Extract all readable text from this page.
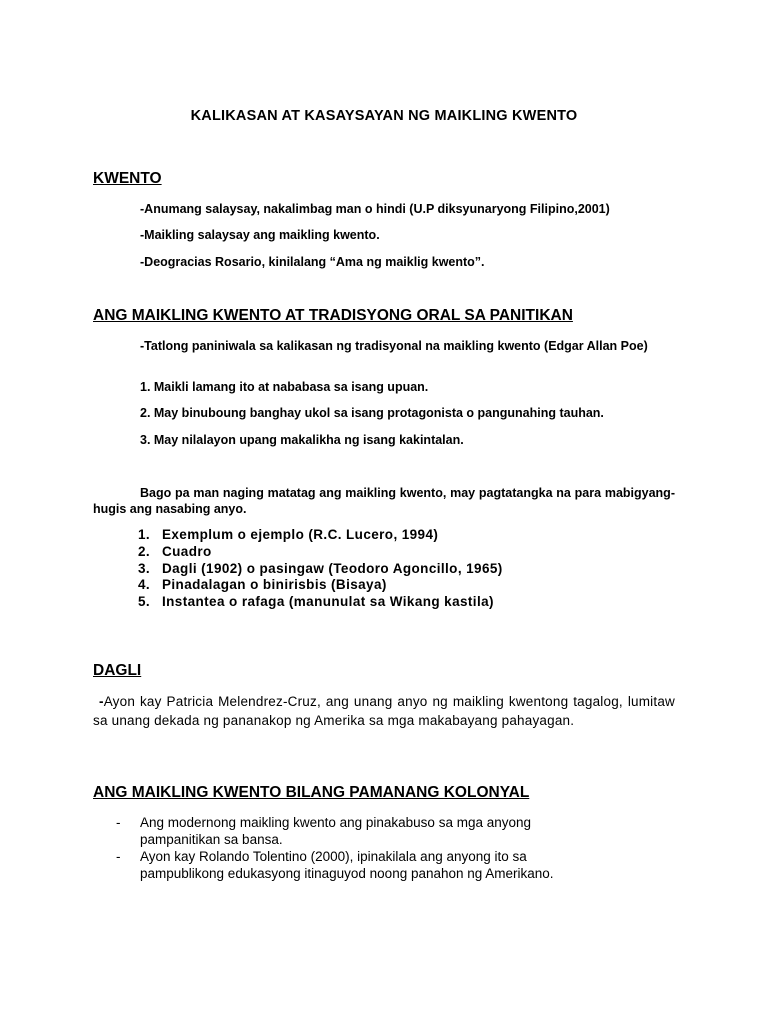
KALIKASAN AT KASAYSAYAN NG MAIKLING KWENTO
KWENTO
-Anumang salaysay, nakalimbag man o hindi (U.P diksyunaryong Filipino,2001)
-Maikling salaysay ang maikling kwento.
-Deogracias Rosario, kinilalang “Ama ng maiklig kwento”.
ANG MAIKLING KWENTO AT TRADISYONG ORAL SA PANITIKAN
-Tatlong paniniwala sa kalikasan ng tradisyonal na maikling kwento (Edgar Allan Poe)
1. Maikli lamang ito at nababasa sa isang upuan.
2. May binuboung banghay ukol sa isang protagonista o pangunahing tauhan.
3. May nilalayon upang makalikha ng isang kakintalan.
Bago pa man naging matatag ang maikling kwento, may pagtatangka na para mabigyang-hugis ang nasabing anyo.
1. Exemplum o ejemplo (R.C. Lucero, 1994)
2. Cuadro
3. Dagli (1902) o pasingaw (Teodoro Agoncillo, 1965)
4. Pinadalagan o binirisbis (Bisaya)
5. Instantea o rafaga (manunulat sa Wikang kastila)
DAGLI
-Ayon kay Patricia Melendrez-Cruz, ang unang anyo ng maikling kwentong tagalog, lumitaw sa unang dekada ng pananakop ng Amerika sa mga makabayang pahayagan.
ANG MAIKLING KWENTO BILANG PAMANANG KOLONYAL
-	Ang modernong maikling kwento ang pinakabuso sa mga anyong pampanitikan sa bansa.
-	Ayon kay Rolando Tolentino (2000), ipinakilala ang anyong ito sa pampublikong edukasyong itinaguyod noong panahon ng Amerikano.
